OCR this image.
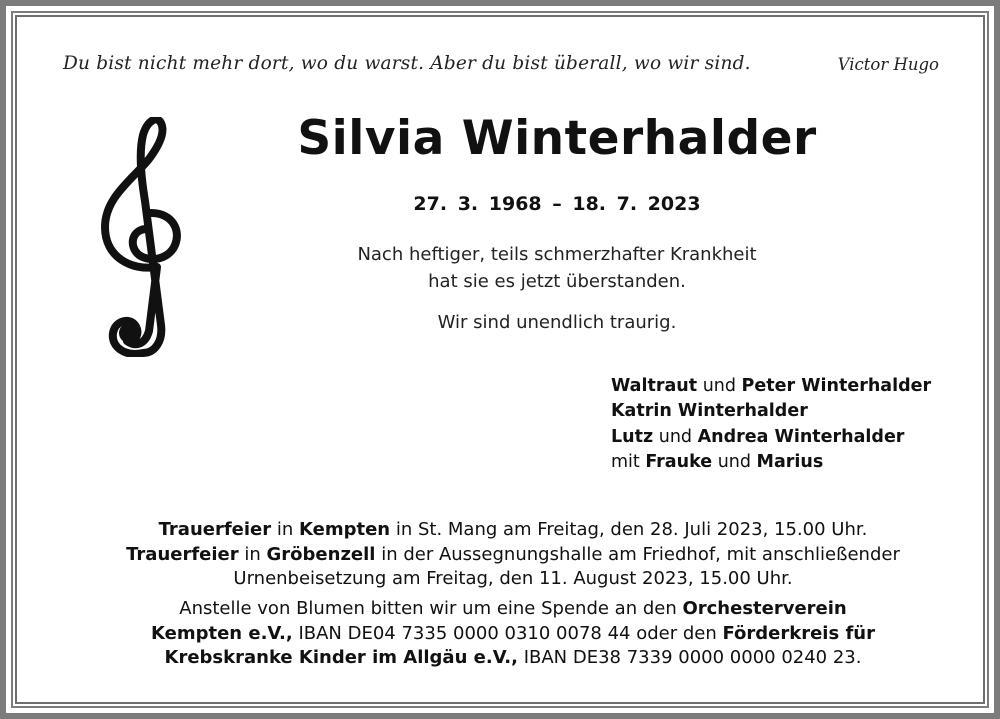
Du bist nicht mehr dort, wo du warst. Aber du bist überall, wo wir sind.	Victor Hugo
Silvia Winterhalder
27. 3. 1968 – 18. 7. 2023
Nach heftiger, teils schmerzhafter Krankheit
hat sie es jetzt überstanden.
Wir sind unendlich traurig.
Waltraut und Peter Winterhalder
Katrin Winterhalder
Lutz und Andrea Winterhalder
mit Frauke und Marius
Trauerfeier in Kempten in St. Mang am Freitag, den 28. Juli 2023, 15.00 Uhr.
Trauerfeier in Gröbenzell in der Aussegnungshalle am Friedhof, mit anschließender
Urnenbeisetzung am Freitag, den 11. August 2023, 15.00 Uhr.
Anstelle von Blumen bitten wir um eine Spende an den Orchesterverein
Kempten e.V., IBAN DE04 7335 0000 0310 0078 44 oder den Förderkreis für
Krebskranke Kinder im Allgäu e.V., IBAN DE38 7339 0000 0000 0240 23.
